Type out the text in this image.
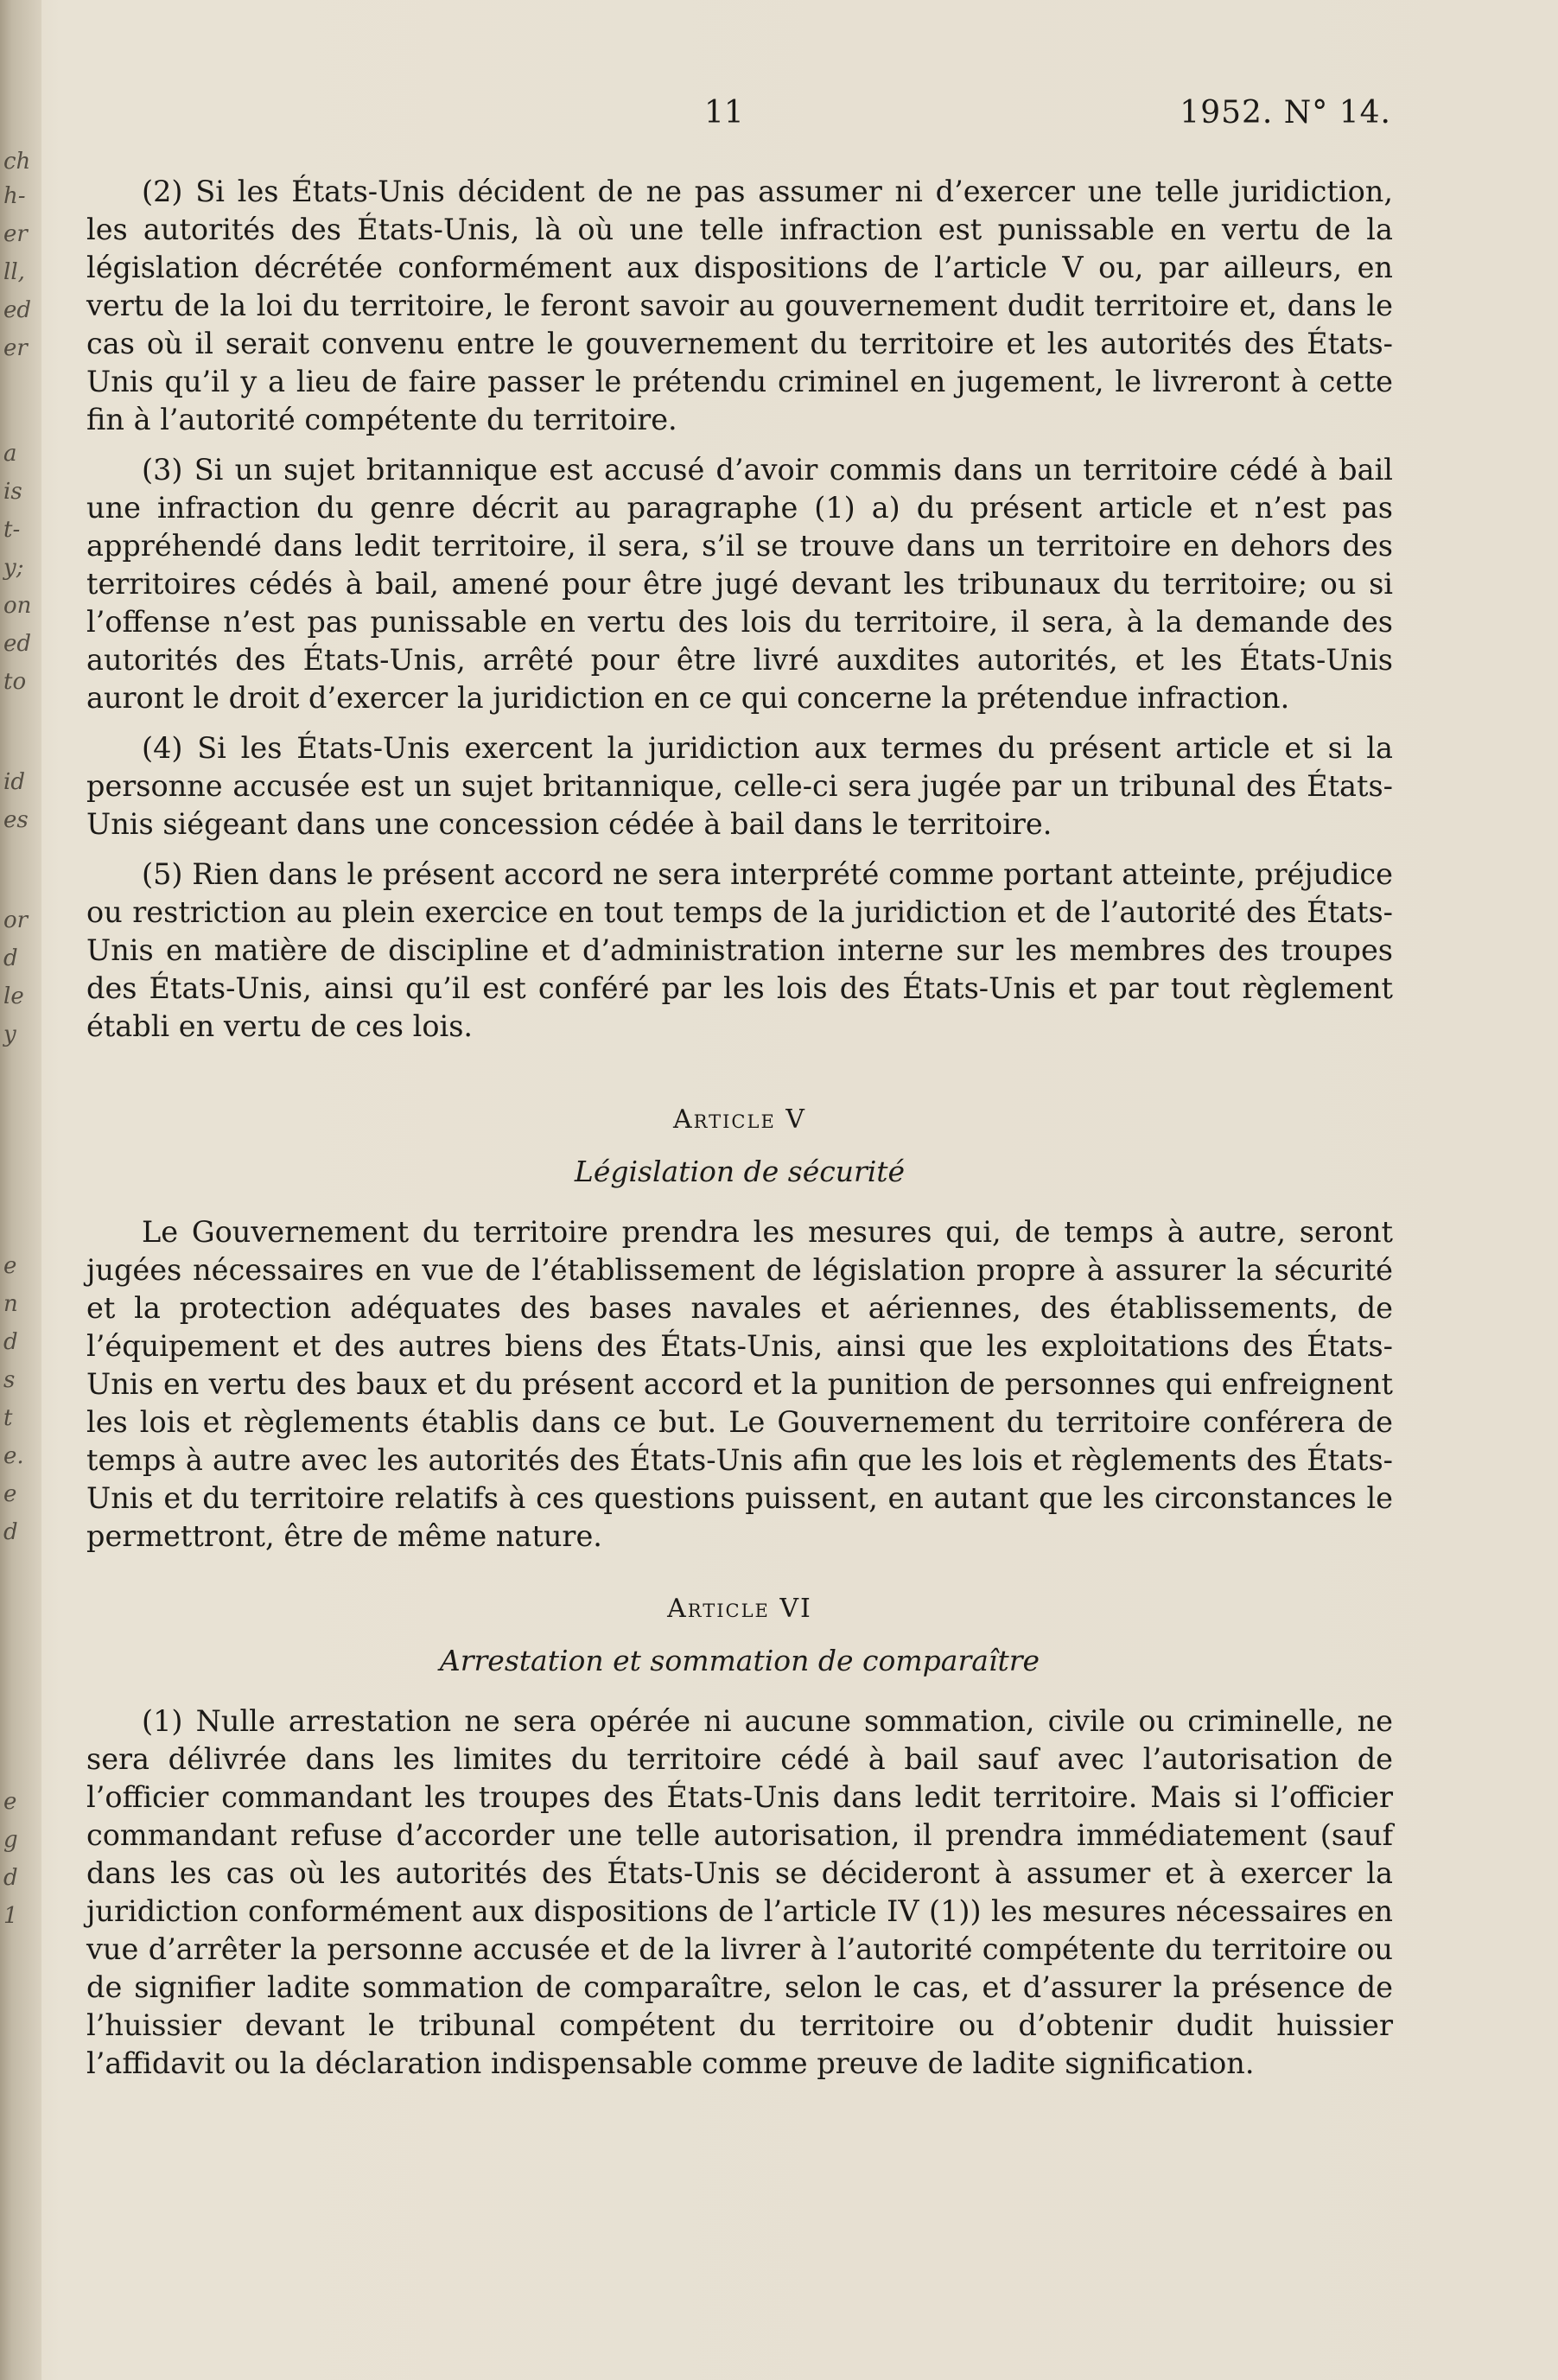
ch
h-
er
ll,
ed
er
a
is
t-
y;
on
ed
to
id
es
or
d
le
y
e
n
d
s
t
e.
e
d
e
g
d
1
11	1952. N° 14.

(2) Si les États-Unis décident de ne pas assumer ni d’exercer une telle juridiction, les autorités des États-Unis, là où une telle infraction est punissable en vertu de la législation décrétée conformément aux dispositions de l’article V ou, par ailleurs, en vertu de la loi du territoire, le feront savoir au gouvernement dudit territoire et, dans le cas où il serait convenu entre le gouvernement du territoire et les autorités des États-Unis qu’il y a lieu de faire passer le prétendu criminel en jugement, le livreront à cette fin à l’autorité compétente du territoire.

(3) Si un sujet britannique est accusé d’avoir commis dans un territoire cédé à bail une infraction du genre décrit au paragraphe (1) a) du présent article et n’est pas appréhendé dans ledit territoire, il sera, s’il se trouve dans un territoire en dehors des territoires cédés à bail, amené pour être jugé devant les tribunaux du territoire; ou si l’offense n’est pas punissable en vertu des lois du territoire, il sera, à la demande des autorités des États-Unis, arrêté pour être livré auxdites autorités, et les États-Unis auront le droit d’exercer la juridiction en ce qui concerne la prétendue infraction.

(4) Si les États-Unis exercent la juridiction aux termes du présent article et si la personne accusée est un sujet britannique, celle-ci sera jugée par un tribunal des États-Unis siégeant dans une concession cédée à bail dans le territoire.

(5) Rien dans le présent accord ne sera interprété comme portant atteinte, préjudice ou restriction au plein exercice en tout temps de la juridiction et de l’autorité des États-Unis en matière de discipline et d’administration interne sur les membres des troupes des États-Unis, ainsi qu’il est conféré par les lois des États-Unis et par tout règlement établi en vertu de ces lois.

Article V
Législation de sécurité

Le Gouvernement du territoire prendra les mesures qui, de temps à autre, seront jugées nécessaires en vue de l’établissement de législation propre à assurer la sécurité et la protection adéquates des bases navales et aériennes, des établissements, de l’équipement et des autres biens des États-Unis, ainsi que les exploitations des États-Unis en vertu des baux et du présent accord et la punition de personnes qui enfreignent les lois et règlements établis dans ce but. Le Gouvernement du territoire conférera de temps à autre avec les autorités des États-Unis afin que les lois et règlements des États-Unis et du territoire relatifs à ces questions puissent, en autant que les circonstances le permettront, être de même nature.

Article VI
Arrestation et sommation de comparaître

(1) Nulle arrestation ne sera opérée ni aucune sommation, civile ou criminelle, ne sera délivrée dans les limites du territoire cédé à bail sauf avec l’autorisation de l’officier commandant les troupes des États-Unis dans ledit territoire. Mais si l’officier commandant refuse d’accorder une telle autorisation, il prendra immédiatement (sauf dans les cas où les autorités des États-Unis se décideront à assumer et à exercer la juridiction conformément aux dispositions de l’article IV (1)) les mesures nécessaires en vue d’arrêter la personne accusée et de la livrer à l’autorité compétente du territoire ou de signifier ladite sommation de comparaître, selon le cas, et d’assurer la présence de l’huissier devant le tribunal compétent du territoire ou d’obtenir dudit huissier l’affidavit ou la déclaration indispensable comme preuve de ladite signification.
